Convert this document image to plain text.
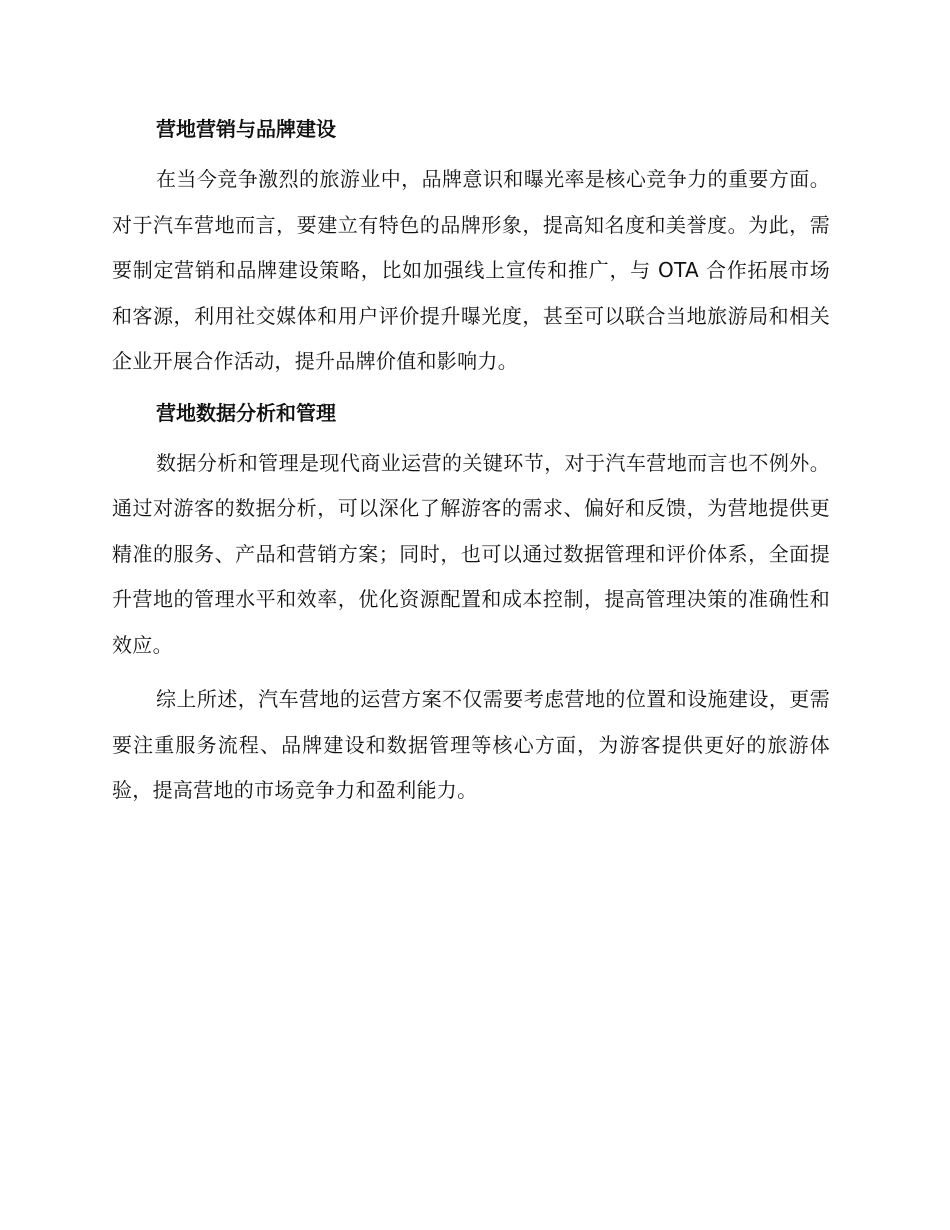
营地营销与品牌建设

在当今竞争激烈的旅游业中，品牌意识和曝光率是核心竞争力的重要方面。对于汽车营地而言，要建立有特色的品牌形象，提高知名度和美誉度。为此，需要制定营销和品牌建设策略，比如加强线上宣传和推广，与 OTA 合作拓展市场和客源，利用社交媒体和用户评价提升曝光度，甚至可以联合当地旅游局和相关企业开展合作活动，提升品牌价值和影响力。

营地数据分析和管理

数据分析和管理是现代商业运营的关键环节，对于汽车营地而言也不例外。通过对游客的数据分析，可以深化了解游客的需求、偏好和反馈，为营地提供更精准的服务、产品和营销方案；同时，也可以通过数据管理和评价体系，全面提升营地的管理水平和效率，优化资源配置和成本控制，提高管理决策的准确性和效应。

综上所述，汽车营地的运营方案不仅需要考虑营地的位置和设施建设，更需要注重服务流程、品牌建设和数据管理等核心方面，为游客提供更好的旅游体验，提高营地的市场竞争力和盈利能力。
